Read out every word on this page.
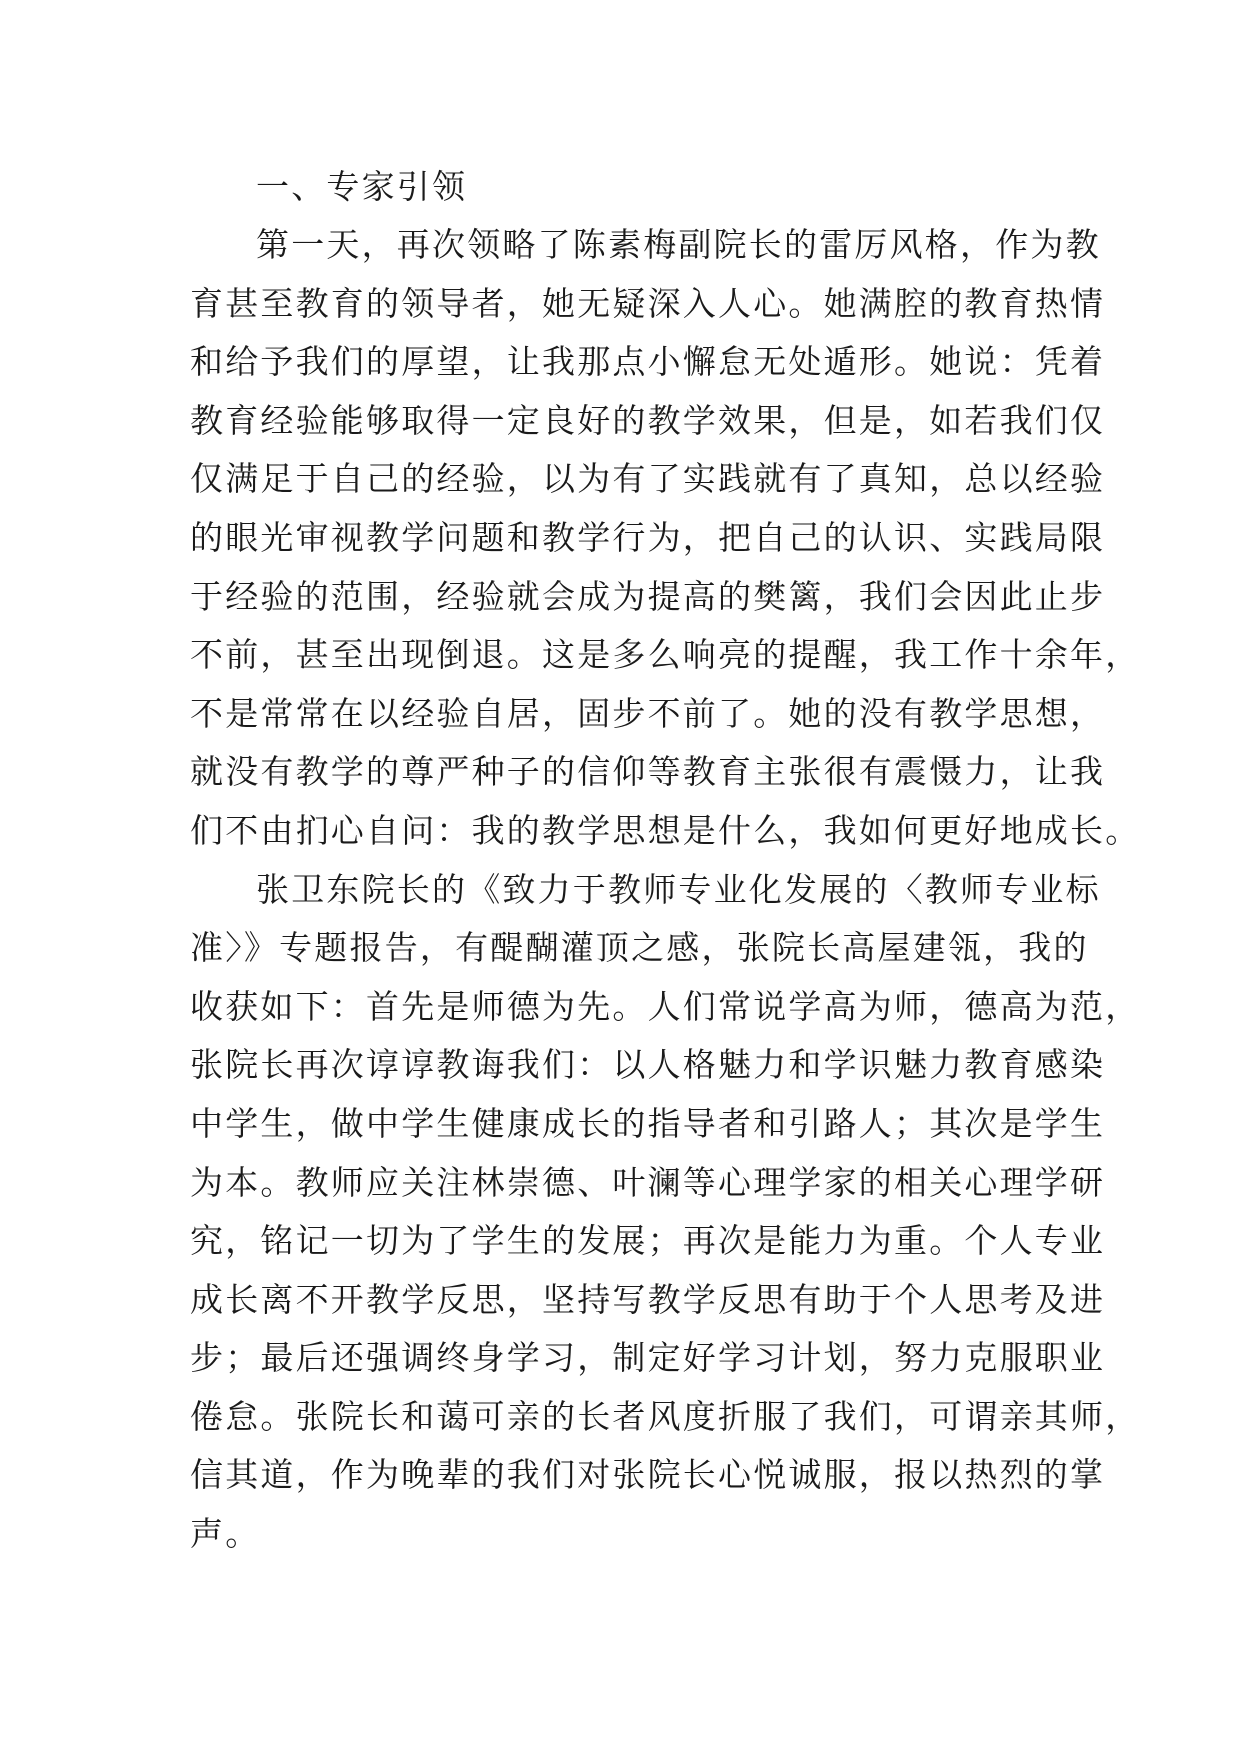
一、专家引领
第一天，再次领略了陈素梅副院长的雷厉风格，作为教
育甚至教育的领导者，她无疑深入人心。她满腔的教育热情
和给予我们的厚望，让我那点小懈怠无处遁形。她说：凭着
教育经验能够取得一定良好的教学效果，但是，如若我们仅
仅满足于自己的经验，以为有了实践就有了真知，总以经验
的眼光审视教学问题和教学行为，把自己的认识、实践局限
于经验的范围，经验就会成为提高的樊篱，我们会因此止步
不前，甚至出现倒退。这是多么响亮的提醒，我工作十余年，
不是常常在以经验自居，固步不前了。她的没有教学思想，
就没有教学的尊严种子的信仰等教育主张很有震慑力，让我
们不由扪心自问：我的教学思想是什么，我如何更好地成长。
张卫东院长的《致力于教师专业化发展的〈教师专业标
准〉》专题报告，有醍醐灌顶之感，张院长高屋建瓴，我的
收获如下：首先是师德为先。人们常说学高为师，德高为范，
张院长再次谆谆教诲我们：以人格魅力和学识魅力教育感染
中学生，做中学生健康成长的指导者和引路人；其次是学生
为本。教师应关注林崇德、叶澜等心理学家的相关心理学研
究，铭记一切为了学生的发展；再次是能力为重。个人专业
成长离不开教学反思，坚持写教学反思有助于个人思考及进
步；最后还强调终身学习，制定好学习计划，努力克服职业
倦怠。张院长和蔼可亲的长者风度折服了我们，可谓亲其师，
信其道，作为晚辈的我们对张院长心悦诚服，报以热烈的掌
声。
